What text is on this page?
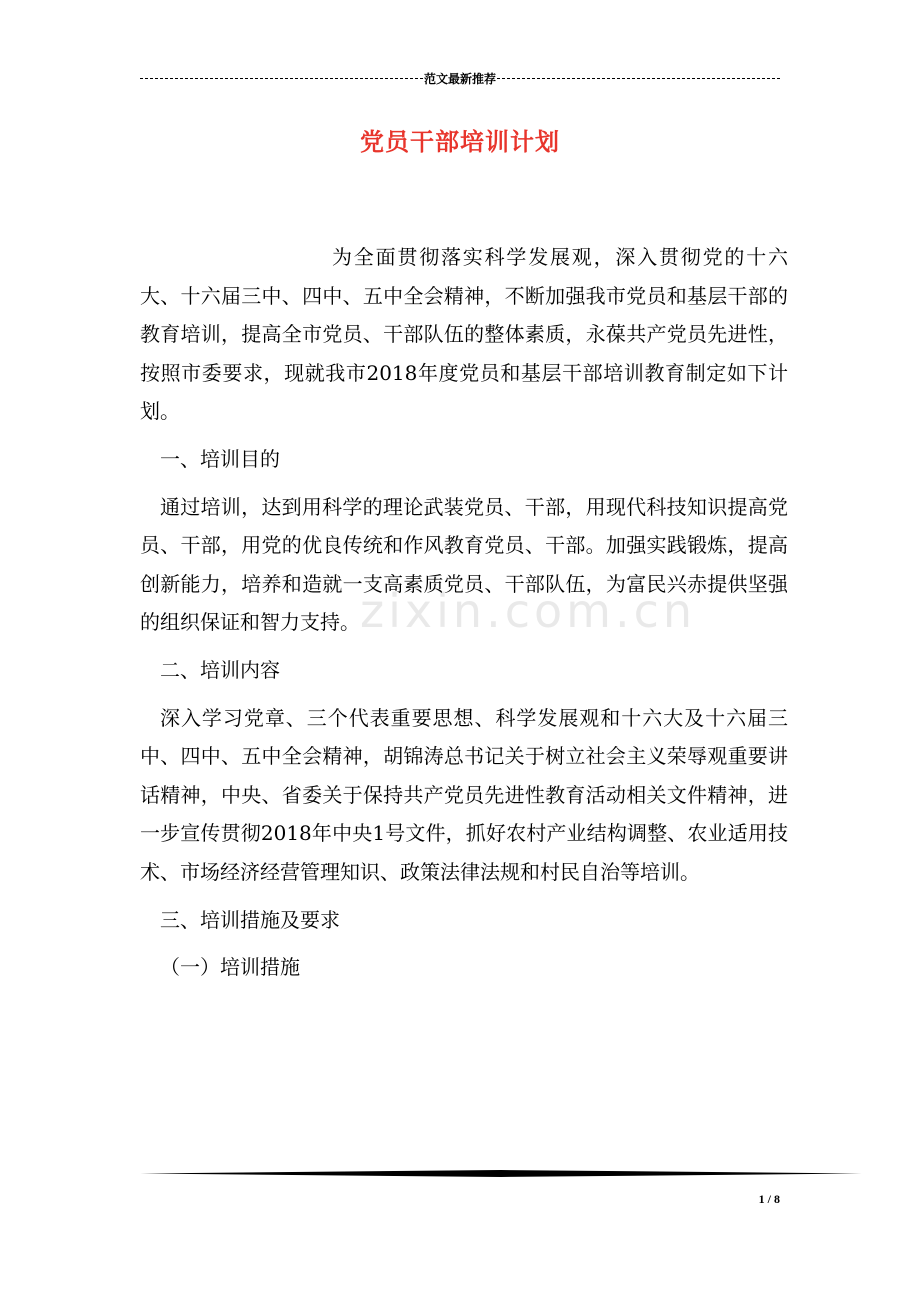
范文最新推荐
党员干部培训计划

为全面贯彻落实科学发展观，深入贯彻党的十六大、十六届三中、四中、五中全会精神，不断加强我市党员和基层干部的教育培训，提高全市党员、干部队伍的整体素质，永葆共产党员先进性，按照市委要求，现就我市2018年度党员和基层干部培训教育制定如下计划。

一、培训目的

通过培训，达到用科学的理论武装党员、干部，用现代科技知识提高党员、干部，用党的优良传统和作风教育党员、干部。加强实践锻炼，提高创新能力，培养和造就一支高素质党员、干部队伍，为富民兴赤提供坚强的组织保证和智力支持。

二、培训内容

深入学习党章、三个代表重要思想、科学发展观和十六大及十六届三中、四中、五中全会精神，胡锦涛总书记关于树立社会主义荣辱观重要讲话精神，中央、省委关于保持共产党员先进性教育活动相关文件精神，进一步宣传贯彻2018年中央1号文件，抓好农村产业结构调整、农业适用技术、市场经济经营管理知识、政策法律法规和村民自治等培训。

三、培训措施及要求

（一）培训措施

zixin.com.cn
1 / 8
